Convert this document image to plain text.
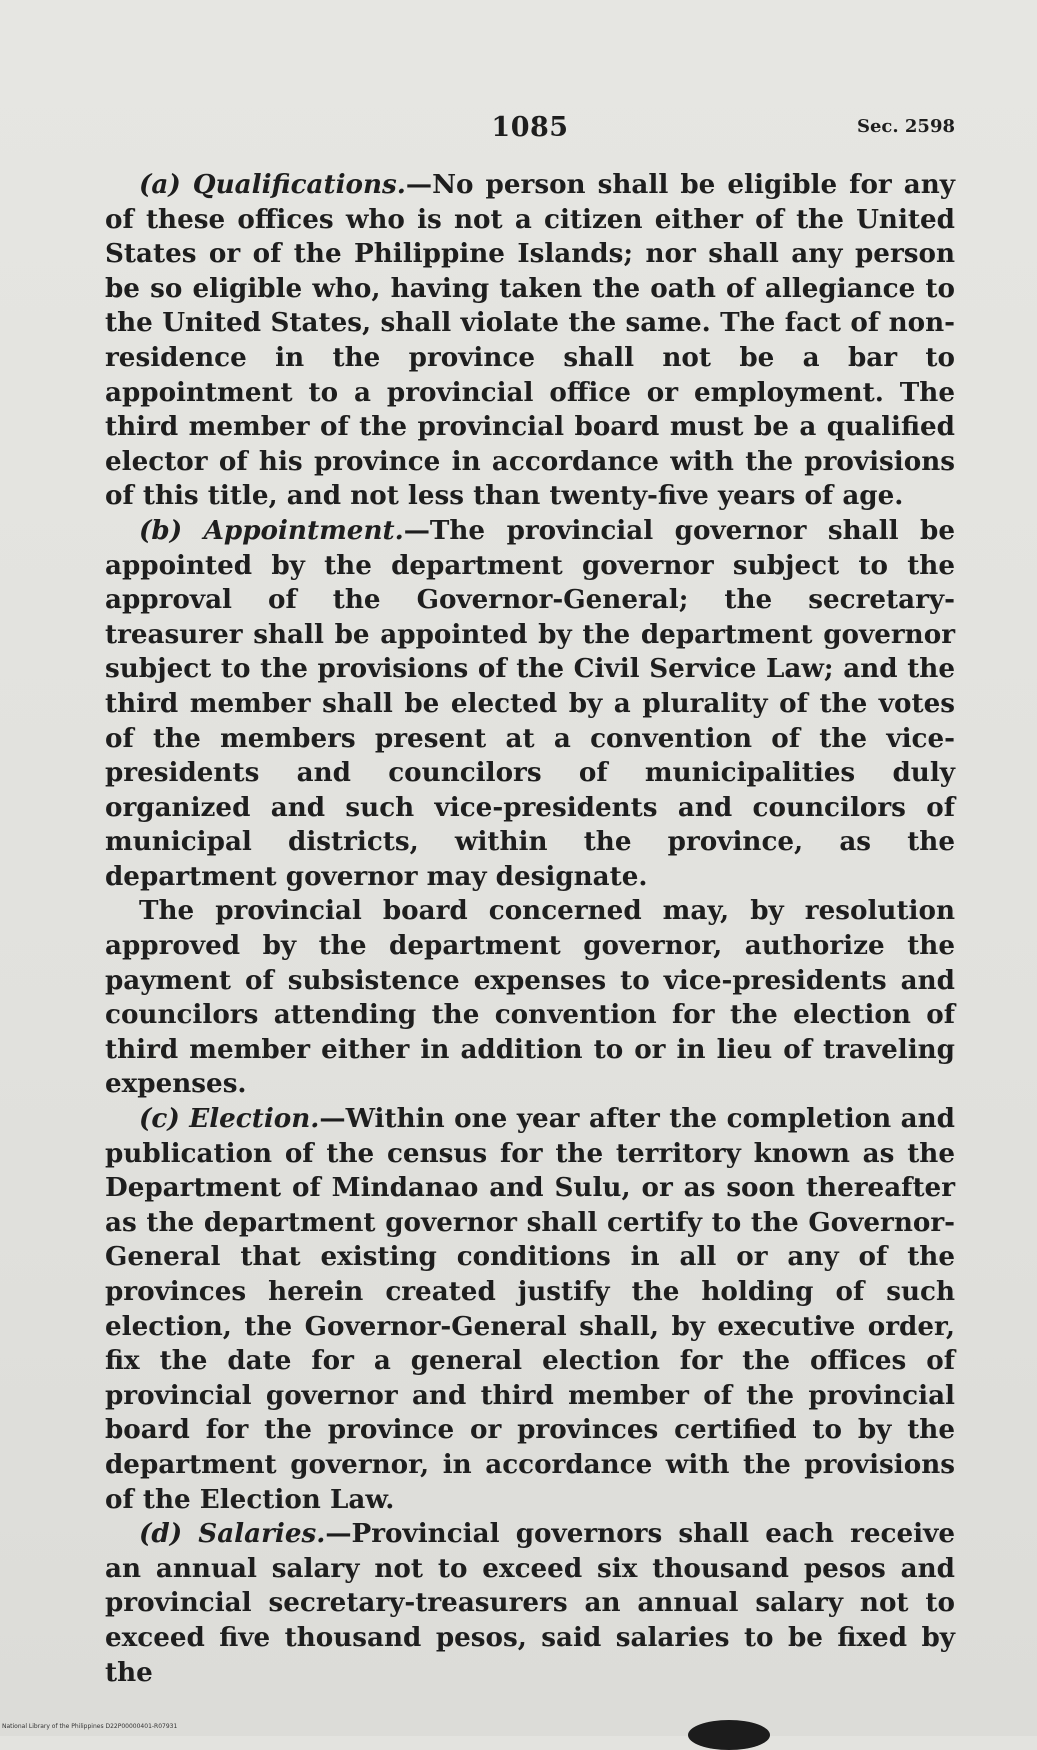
1085	Sec. 2598

(a) Qualifications.—No person shall be eligible for any of these offices who is not a citizen either of the United States or of the Philippine Islands; nor shall any person be so eligible who, having taken the oath of allegiance to the United States, shall violate the same. The fact of non-residence in the province shall not be a bar to appointment to a provincial office or employment. The third member of the provincial board must be a qualified elector of his province in accordance with the provisions of this title, and not less than twenty-five years of age.

(b) Appointment.—The provincial governor shall be appointed by the department governor subject to the approval of the Governor-General; the secretary-treasurer shall be appointed by the department governor subject to the provisions of the Civil Service Law; and the third member shall be elected by a plurality of the votes of the members present at a convention of the vice-presidents and councilors of municipalities duly organized and such vice-presidents and councilors of municipal districts, within the province, as the department governor may designate.

The provincial board concerned may, by resolution approved by the department governor, authorize the payment of subsistence expenses to vice-presidents and councilors attending the convention for the election of third member either in addition to or in lieu of traveling expenses.

(c) Election.—Within one year after the completion and publication of the census for the territory known as the Department of Mindanao and Sulu, or as soon thereafter as the department governor shall certify to the Governor-General that existing conditions in all or any of the provinces herein created justify the holding of such election, the Governor-General shall, by executive order, fix the date for a general election for the offices of provincial governor and third member of the provincial board for the province or provinces certified to by the department governor, in accordance with the provisions of the Election Law.

(d) Salaries.—Provincial governors shall each receive an annual salary not to exceed six thousand pesos and provincial secretary-treasurers an annual salary not to exceed five thousand pesos, said salaries to be fixed by the

National Library of the Philippines D22P00000401-R07931
